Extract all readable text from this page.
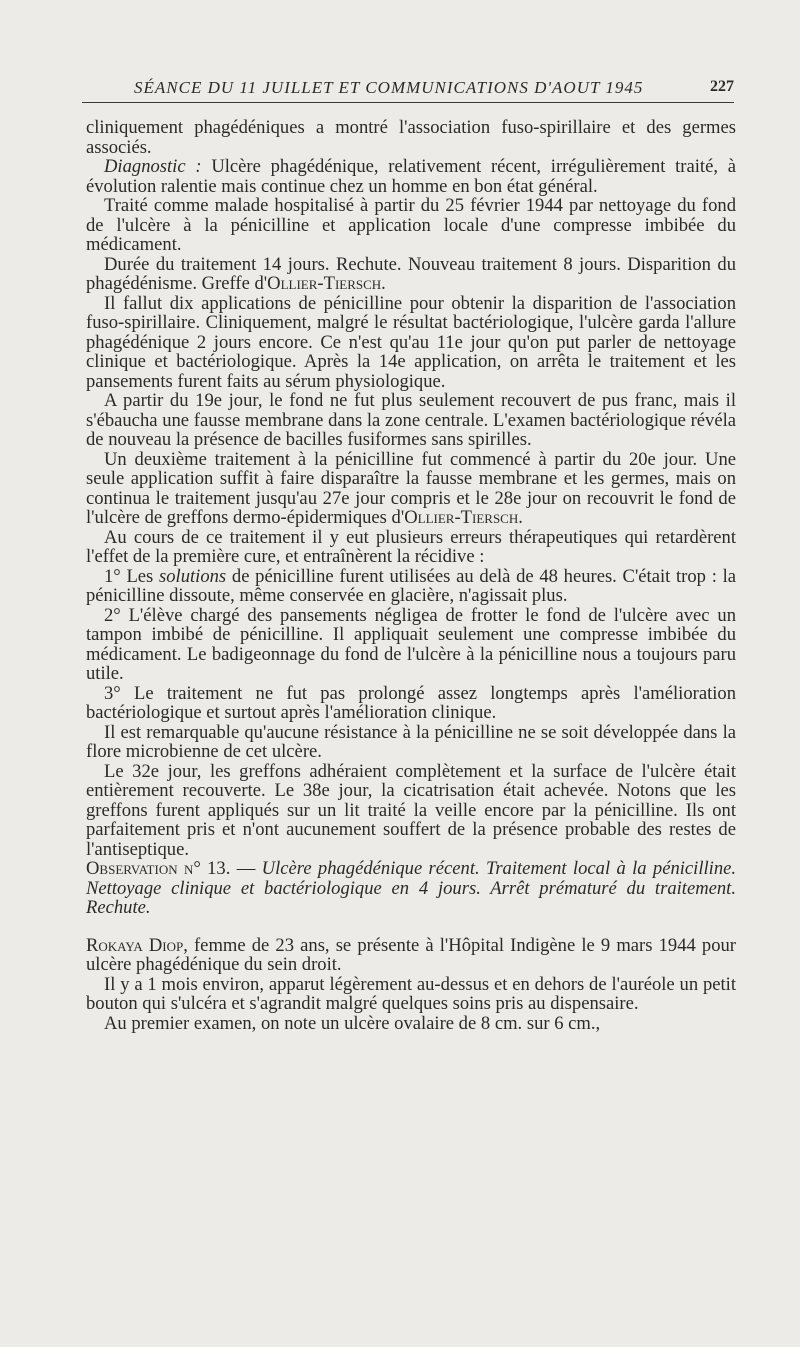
SÉANCE DU 11 JUILLET ET COMMUNICATIONS D'AOUT 1945	227

cliniquement phagédéniques a montré l'association fuso-spirillaire et des germes associés.

Diagnostic : Ulcère phagédénique, relativement récent, irrégulièrement traité, à évolution ralentie mais continue chez un homme en bon état général.

Traité comme malade hospitalisé à partir du 25 février 1944 par nettoyage du fond de l'ulcère à la pénicilline et application locale d'une compresse imbibée du médicament.

Durée du traitement 14 jours. Rechute. Nouveau traitement 8 jours. Disparition du phagédénisme. Greffe d'Ollier-Tiersch.

Il fallut dix applications de pénicilline pour obtenir la disparition de l'association fuso-spirillaire. Cliniquement, malgré le résultat bactériologique, l'ulcère garda l'allure phagédénique 2 jours encore. Ce n'est qu'au 11e jour qu'on put parler de nettoyage clinique et bactériologique. Après la 14e application, on arrêta le traitement et les pansements furent faits au sérum physiologique.

A partir du 19e jour, le fond ne fut plus seulement recouvert de pus franc, mais il s'ébaucha une fausse membrane dans la zone centrale. L'examen bactériologique révéla de nouveau la présence de bacilles fusiformes sans spirilles.

Un deuxième traitement à la pénicilline fut commencé à partir du 20e jour. Une seule application suffit à faire disparaître la fausse membrane et les germes, mais on continua le traitement jusqu'au 27e jour compris et le 28e jour on recouvrit le fond de l'ulcère de greffons dermo-épidermiques d'Ollier-Tiersch.

Au cours de ce traitement il y eut plusieurs erreurs thérapeutiques qui retardèrent l'effet de la première cure, et entraînèrent la récidive :

1° Les solutions de pénicilline furent utilisées au delà de 48 heures. C'était trop : la pénicilline dissoute, même conservée en glacière, n'agissait plus.

2° L'élève chargé des pansements négligea de frotter le fond de l'ulcère avec un tampon imbibé de pénicilline. Il appliquait seulement une compresse imbibée du médicament. Le badigeonnage du fond de l'ulcère à la pénicilline nous a toujours paru utile.

3° Le traitement ne fut pas prolongé assez longtemps après l'amélioration bactériologique et surtout après l'amélioration clinique.

Il est remarquable qu'aucune résistance à la pénicilline ne se soit développée dans la flore microbienne de cet ulcère.

Le 32e jour, les greffons adhéraient complètement et la surface de l'ulcère était entièrement recouverte. Le 38e jour, la cicatrisation était achevée. Notons que les greffons furent appliqués sur un lit traité la veille encore par la pénicilline. Ils ont parfaitement pris et n'ont aucunement souffert de la présence probable des restes de l'antiseptique.

Observation n° 13. — Ulcère phagédénique récent. Traitement local à la pénicilline. Nettoyage clinique et bactériologique en 4 jours. Arrêt prématuré du traitement. Rechute.

Rokaya Diop, femme de 23 ans, se présente à l'Hôpital Indigène le 9 mars 1944 pour ulcère phagédénique du sein droit.

Il y a 1 mois environ, apparut légèrement au-dessus et en dehors de l'auréole un petit bouton qui s'ulcéra et s'agrandit malgré quelques soins pris au dispensaire.

Au premier examen, on note un ulcère ovalaire de 8 cm. sur 6 cm.,
